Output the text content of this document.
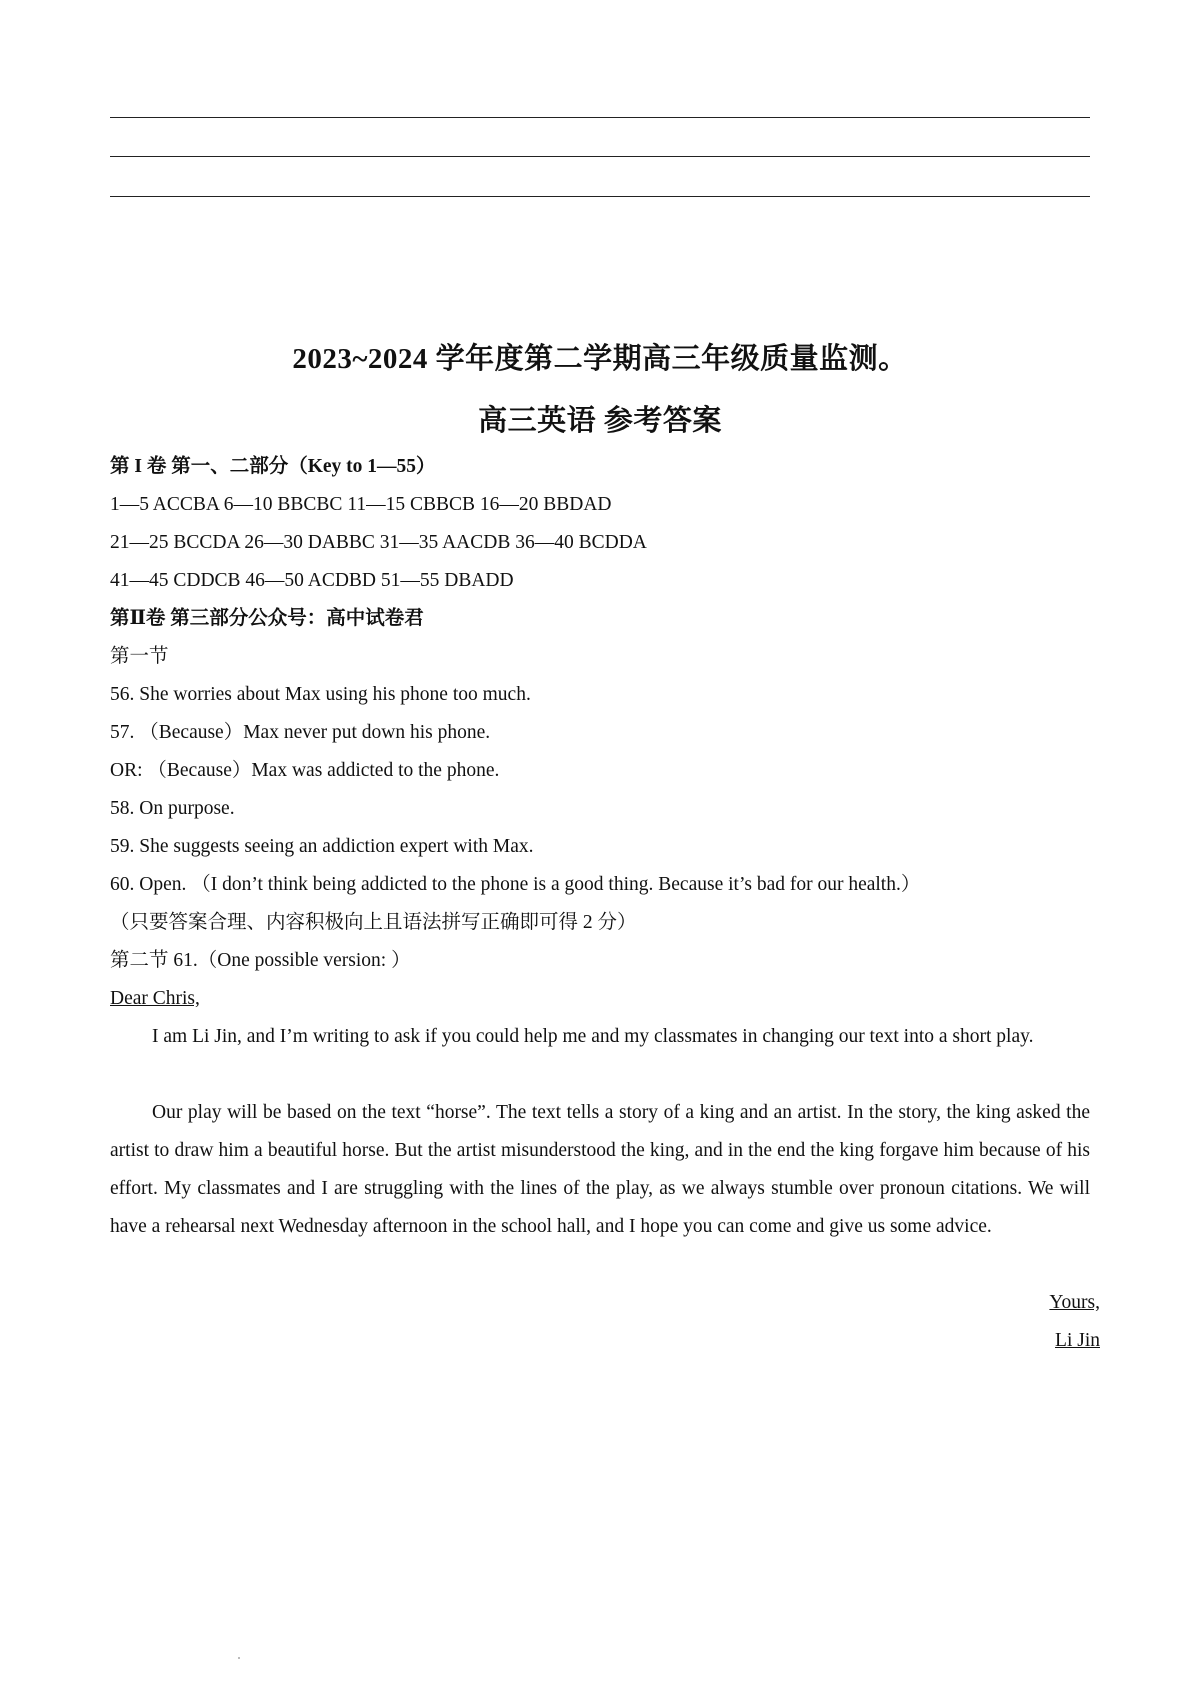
2023~2024 学年度第二学期高三年级质量监测。
高三英语 参考答案
第 I 卷 第一、二部分（Key to 1—55）
1—5 ACCBA 6—10 BBCBC 11—15 CBBCB 16—20 BBDAD
21—25 BCCDA 26—30 DABBC 31—35 AACDB 36—40 BCDDA
41—45 CDDCB 46—50 ACDBD 51—55 DBADD
第Ⅱ卷 第三部分公众号：高中试卷君
第一节
56. She worries about Max using his phone too much.
57. （Because）Max never put down his phone.
OR: （Because）Max was addicted to the phone.
58. On purpose.
59. She suggests seeing an addiction expert with Max.
60. Open. （I don’t think being addicted to the phone is a good thing. Because it’s bad for our health.）
（只要答案合理、内容积极向上且语法拼写正确即可得 2 分）
第二节 61.（One possible version: ）
Dear Chris,
I am Li Jin, and I’m writing to ask if you could help me and my classmates in changing our text into a short play.
Our play will be based on the text “horse”. The text tells a story of a king and an artist. In the story, the king asked the artist to draw him a beautiful horse. But the artist misunderstood the king, and in the end the king forgave him because of his effort. My classmates and I are struggling with the lines of the play, as we always stumble over pronoun citations. We will have a rehearsal next Wednesday afternoon in the school hall, and I hope you can come and give us some advice.
Yours,
Li Jin
